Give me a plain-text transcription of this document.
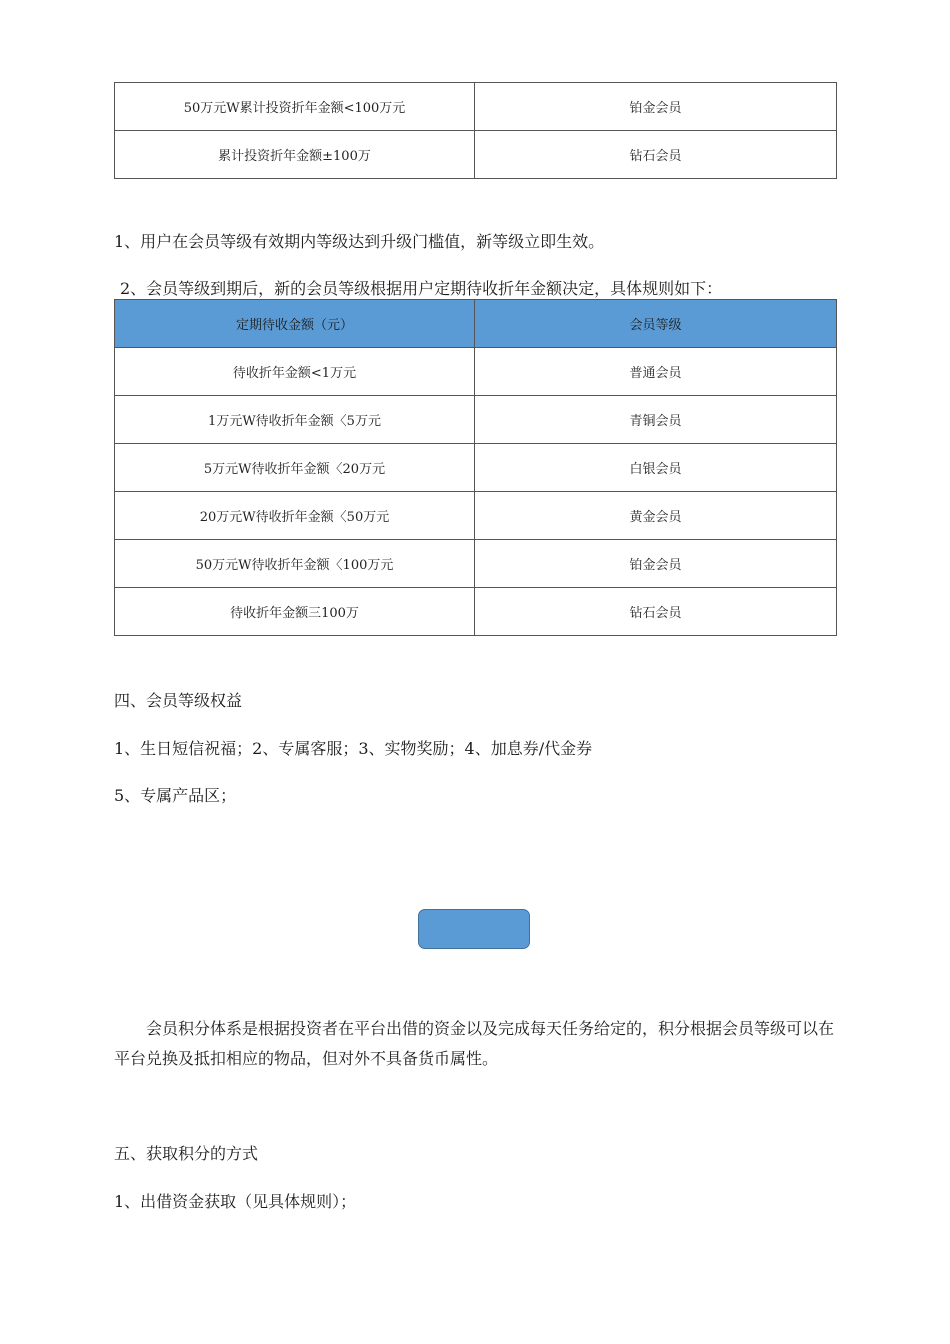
50万元W累计投资折年金额<100万元	铂金会员
累计投资折年金额±100万	钻石会员
1、用户在会员等级有效期内等级达到升级门槛值，新等级立即生效。
2、会员等级到期后，新的会员等级根据用户定期待收折年金额决定，具体规则如下：
定期待收金额（元）	会员等级
待收折年金额<1万元	普通会员
1万元W待收折年金额〈5万元	青铜会员
5万元W待收折年金额〈20万元	白银会员
20万元W待收折年金额〈50万元	黄金会员
50万元W待收折年金额〈100万元	铂金会员
待收折年金额三100万	钻石会员
四、会员等级权益
1、生日短信祝福；2、专属客服；3、实物奖励；4、加息券/代金券
5、专属产品区；
会员积分体系是根据投资者在平台出借的资金以及完成每天任务给定的，积分根据会员等级可以在平台兑换及抵扣相应的物品，但对外不具备货币属性。
五、获取积分的方式
1、出借资金获取（见具体规则）；
